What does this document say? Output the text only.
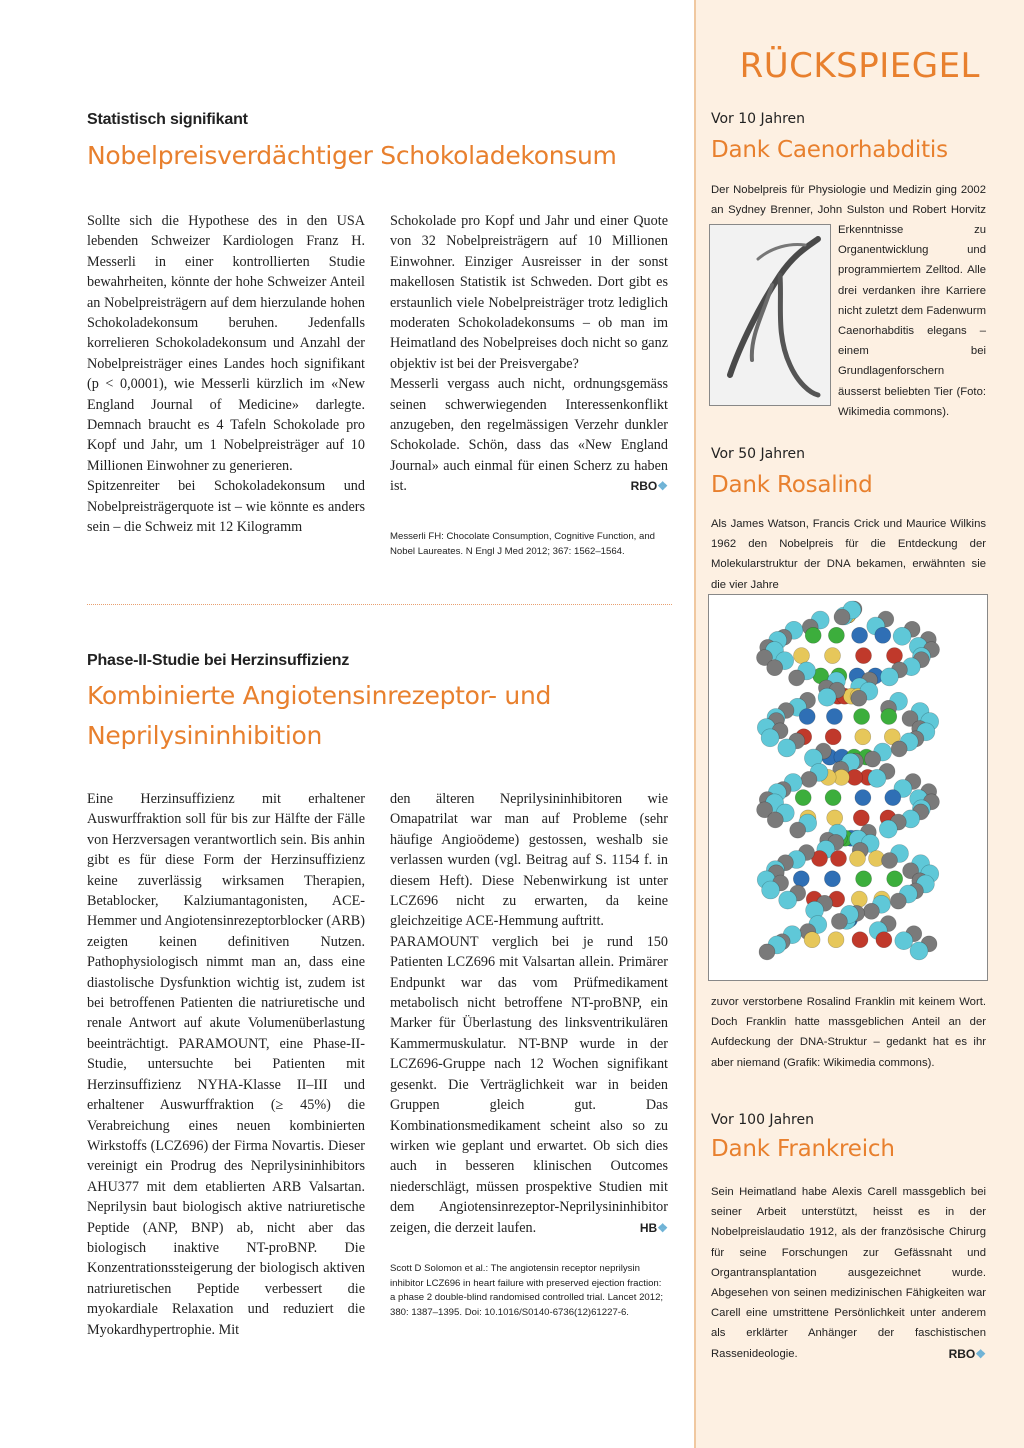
RÜCKSPIEGEL
Vor 10 Jahren
Dank Caenorhabditis
Der Nobelpreis für Physiologie und Medizin ging 2002 an Sydney Brenner, John Sulston und Robert Horvitz
Erkenntnisse zu Organentwicklung und programmiertem Zelltod. Alle drei verdanken ihre Karriere nicht zuletzt dem Fadenwurm Caenorhabditis elegans – einem bei Grundlagenforschern äusserst beliebten Tier (Foto: Wikimedia commons).
Vor 50 Jahren
Dank Rosalind
Als James Watson, Francis Crick und Maurice Wilkins 1962 den Nobelpreis für die Entdeckung der Molekularstruktur der DNA bekamen, erwähnten sie die vier Jahre
zuvor verstorbene Rosalind Franklin mit keinem Wort. Doch Franklin hatte massgeblichen Anteil an der Aufdeckung der DNA-Struktur – gedankt hat es ihr aber niemand (Grafik: Wikimedia commons).
Vor 100 Jahren
Dank Frankreich
Sein Heimatland habe Alexis Carell massgeblich bei seiner Arbeit unterstützt, heisst es in der Nobelpreislaudatio 1912, als der französische Chirurg für seine Forschungen zur Gefässnaht und Organtransplantation ausgezeichnet wurde. Abgesehen von seinen medizinischen Fähigkeiten war Carell eine umstrittene Persönlichkeit unter anderem als erklärter Anhänger der faschistischen Rassenideologie.	RBO❖
Statistisch signifikant
Nobelpreisverdächtiger Schokoladekonsum

Sollte sich die Hypothese des in den USA lebenden Schweizer Kardiologen Franz H. Messerli in einer kontrollierten Studie bewahrheiten, könnte der hohe Schweizer Anteil an Nobelpreisträgern auf dem hierzulande hohen Schokoladekonsum beruhen. Jedenfalls korrelieren Schokoladekonsum und Anzahl der Nobelpreisträger eines Landes hoch signifikant (p < 0,0001), wie Messerli kürzlich im «New England Journal of Medicine» darlegte. Demnach braucht es 4 Tafeln Schokolade pro Kopf und Jahr, um 1 Nobelpreisträger auf 10 Millionen Einwohner zu generieren.

Spitzenreiter bei Schokoladekonsum und Nobelpreisträgerquote ist – wie könnte es anders sein – die Schweiz mit 12 Kilogramm

Schokolade pro Kopf und Jahr und einer Quote von 32 Nobelpreisträgern auf 10 Millionen Einwohner. Einziger Ausreisser in der sonst makellosen Statistik ist Schweden. Dort gibt es erstaunlich viele Nobelpreisträger trotz lediglich moderaten Schokoladekonsums – ob man im Heimatland des Nobelpreises doch nicht so ganz objektiv ist bei der Preisvergabe?

Messerli vergass auch nicht, ordnungsgemäss seinen schwerwiegenden Interessenkonflikt anzugeben, den regelmässigen Verzehr dunkler Schokolade. Schön, dass das «New England Journal» auch einmal für einen Scherz zu haben ist.	RBO❖

Messerli FH: Chocolate Consumption, Cognitive Function, and Nobel Laureates. N Engl J Med 2012; 367: 1562–1564.
Phase-II-Studie bei Herzinsuffizienz
Kombinierte Angiotensinrezeptor- und
Neprilysininhibition

Eine Herzinsuffizienz mit erhaltener Auswurffraktion soll für bis zur Hälfte der Fälle von Herzversagen verantwortlich sein. Bis anhin gibt es für diese Form der Herzinsuffizienz keine zuverlässig wirksamen Therapien, Betablocker, Kalziumantagonisten, ACE-Hemmer und Angiotensinrezeptorblocker (ARB) zeigten keinen definitiven Nutzen. Pathophysiologisch nimmt man an, dass eine diastolische Dysfunktion wichtig ist, zudem ist bei betroffenen Patienten die natriuretische und renale Antwort auf akute Volumenüberlastung beeinträchtigt. PARAMOUNT, eine Phase-II-Studie, untersuchte bei Patienten mit Herzinsuffizienz NYHA-Klasse II–III und erhaltener Auswurffraktion (≥ 45%) die Verabreichung eines neuen kombinierten Wirkstoffs (LCZ696) der Firma Novartis. Dieser vereinigt ein Prodrug des Neprilysininhibitors AHU377 mit dem etablierten ARB Valsartan. Neprilysin baut biologisch aktive natriuretische Peptide (ANP, BNP) ab, nicht aber das biologisch inaktive NT-proBNP. Die Konzentrationssteigerung der biologisch aktiven natriuretischen Peptide verbessert die myokardiale Relaxation und reduziert die Myokardhypertrophie. Mit

den älteren Neprilysininhibitoren wie Omapatrilat war man auf Probleme (sehr häufige Angioödeme) gestossen, weshalb sie verlassen wurden (vgl. Beitrag auf S. 1154 f. in diesem Heft). Diese Nebenwirkung ist unter LCZ696 nicht zu erwarten, da keine gleichzeitige ACE-Hemmung auftritt.

PARAMOUNT verglich bei je rund 150 Patienten LCZ696 mit Valsartan allein. Primärer Endpunkt war das vom Prüfmedikament metabolisch nicht betroffene NT-proBNP, ein Marker für Überlastung des linksventrikulären Kammermuskulatur. NT-BNP wurde in der LCZ696-Gruppe nach 12 Wochen signifikant gesenkt. Die Verträglichkeit war in beiden Gruppen gleich gut. Das Kombinationsmedikament scheint also so zu wirken wie geplant und erwartet. Ob sich dies auch in besseren klinischen Outcomes niederschlägt, müssen prospektive Studien mit dem Angiotensinrezeptor-Neprilysininhibitor zeigen, die derzeit laufen.	HB❖

Scott D Solomon et al.: The angiotensin receptor neprilysin inhibitor LCZ696 in heart failure with preserved ejection fraction: a phase 2 double-blind randomised controlled trial. Lancet 2012; 380: 1387–1395. Doi: 10.1016/S0140-6736(12)61227-6.
